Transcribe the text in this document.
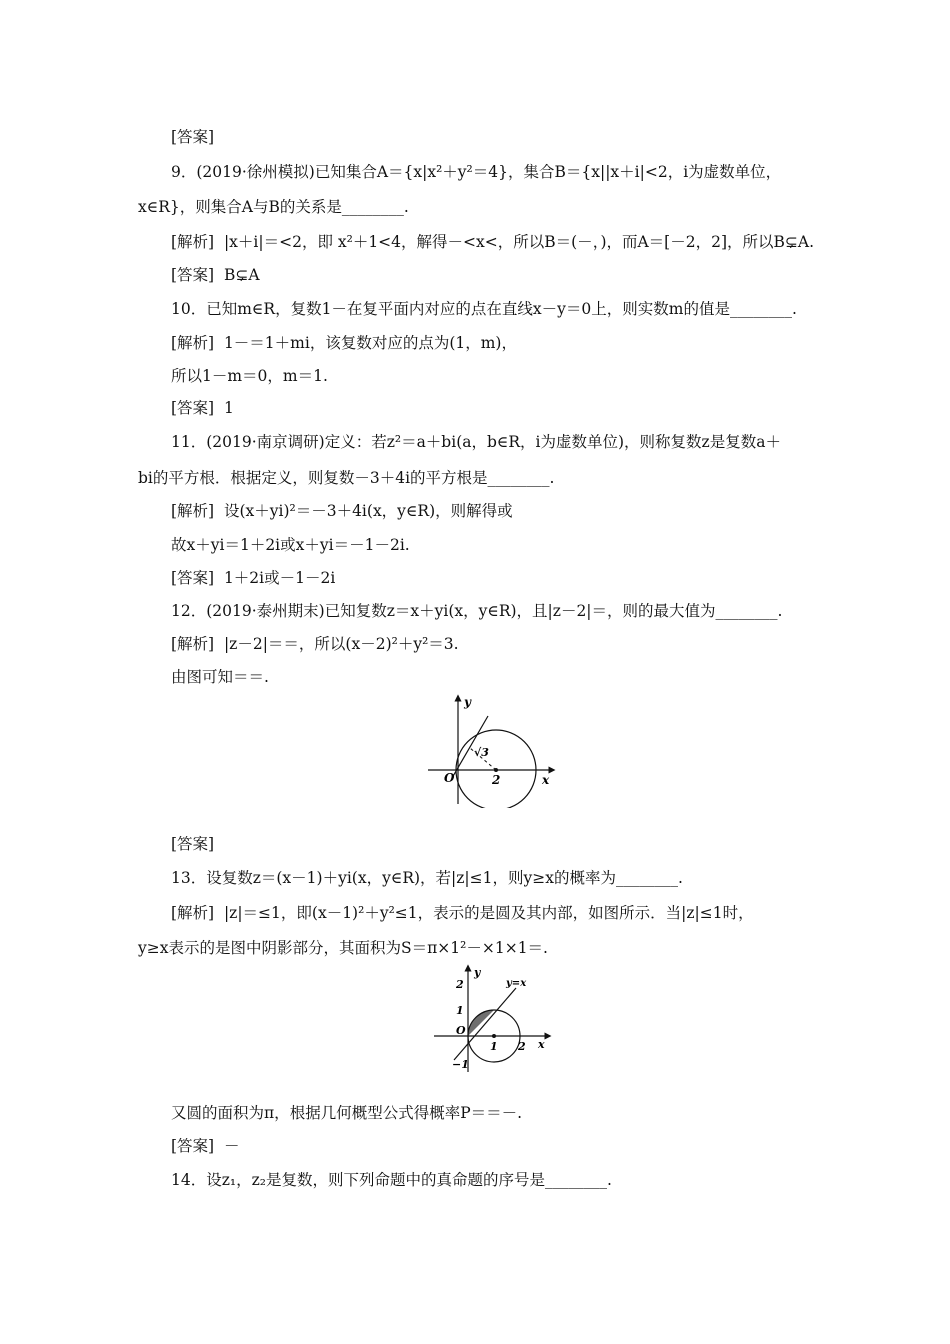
[答案]
9．(2019·徐州模拟)已知集合A＝{x|x²＋y²＝4}，集合B＝{x||x＋i|<2，i为虚数单位，
x∈R}，则集合A与B的关系是________.
[解析]  |x＋i|＝<2，即 x²＋1<4，解得－<x<，所以B＝(－，)，而A＝[－2，2]，所以B⊊A.
[答案]  B⊊A
10．已知m∈R，复数1－在复平面内对应的点在直线x－y＝0上，则实数m的值是________.
[解析]  1－＝1＋mi，该复数对应的点为(1，m)，
所以1－m＝0，m＝1.
[答案]  1
11．(2019·南京调研)定义：若z²＝a＋bi(a，b∈R，i为虚数单位)，则称复数z是复数a＋
bi的平方根．根据定义，则复数－3＋4i的平方根是________.
[解析]  设(x＋yi)²＝－3＋4i(x，y∈R)，则解得或
故x＋yi＝1＋2i或x＋yi＝－1－2i.
[答案]  1＋2i或－1－2i
12．(2019·泰州期末)已知复数z＝x＋yi(x，y∈R)，且|z－2|＝，则的最大值为________.
[解析]  |z－2|＝＝，所以(x－2)²＋y²＝3.
由图可知＝＝.
y
O	2	x
√3
[答案]
13．设复数z＝(x－1)＋yi(x，y∈R)，若|z|≤1，则y≥x的概率为________.
[解析]  |z|＝≤1，即(x－1)²＋y²≤1，表示的是圆及其内部，如图所示．当|z|≤1时，
y≥x表示的是图中阴影部分，其面积为S＝π×1²－×1×1＝.
y
y=x
2
1
O
1 2 x
−1
又圆的面积为π，根据几何概型公式得概率P＝＝－.
[答案]  －
14．设z₁，z₂是复数，则下列命题中的真命题的序号是________.
